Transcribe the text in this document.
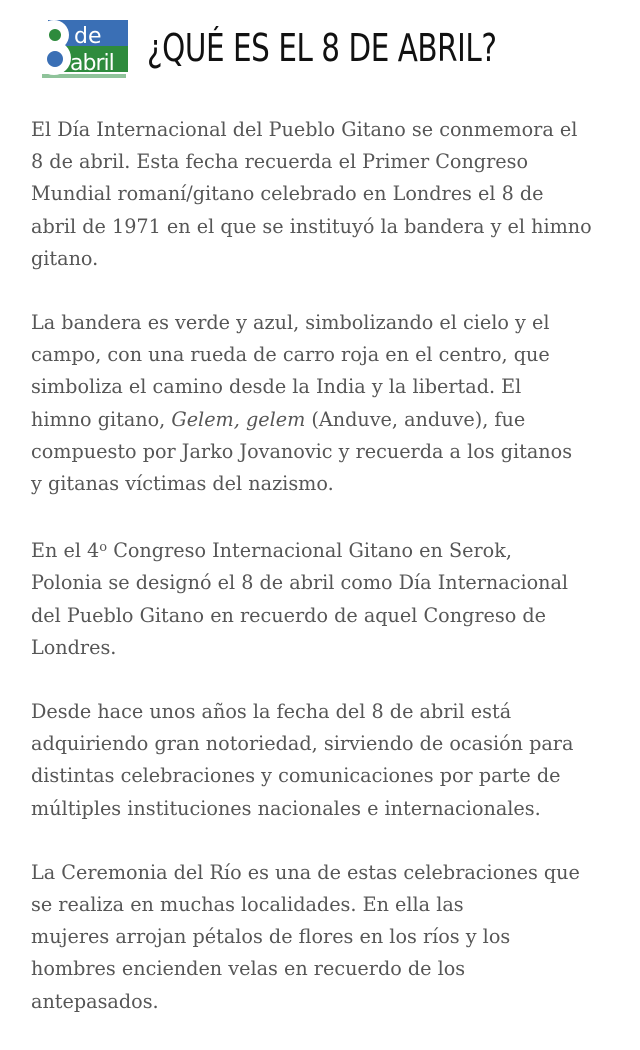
de
abril ¿QUÉ ES EL 8 DE ABRIL?

El Día Internacional del Pueblo Gitano se conmemora el
8 de abril. Esta fecha recuerda el Primer Congreso
Mundial romaní/gitano celebrado en Londres el 8 de
abril de 1971 en el que se instituyó la bandera y el himno
gitano.

La bandera es verde y azul, simbolizando el cielo y el
campo, con una rueda de carro roja en el centro, que
simboliza el camino desde la India y la libertad. El
himno gitano, Gelem, gelem (Anduve, anduve), fue
compuesto por Jarko Jovanovic y recuerda a los gitanos
y gitanas víctimas del nazismo.

En el 4$^o$ Congreso Internacional Gitano en Serok,
Polonia se designó el 8 de abril como Día Internacional
del Pueblo Gitano en recuerdo de aquel Congreso de
Londres.

Desde hace unos años la fecha del 8 de abril está
adquiriendo gran notoriedad, sirviendo de ocasión para
distintas celebraciones y comunicaciones por parte de
múltiples instituciones nacionales e internacionales.

La Ceremonia del Río es una de estas celebraciones que
se realiza en muchas localidades. En ella las
mujeres arrojan pétalos de flores en los ríos y los
hombres encienden velas en recuerdo de los
antepasados.
